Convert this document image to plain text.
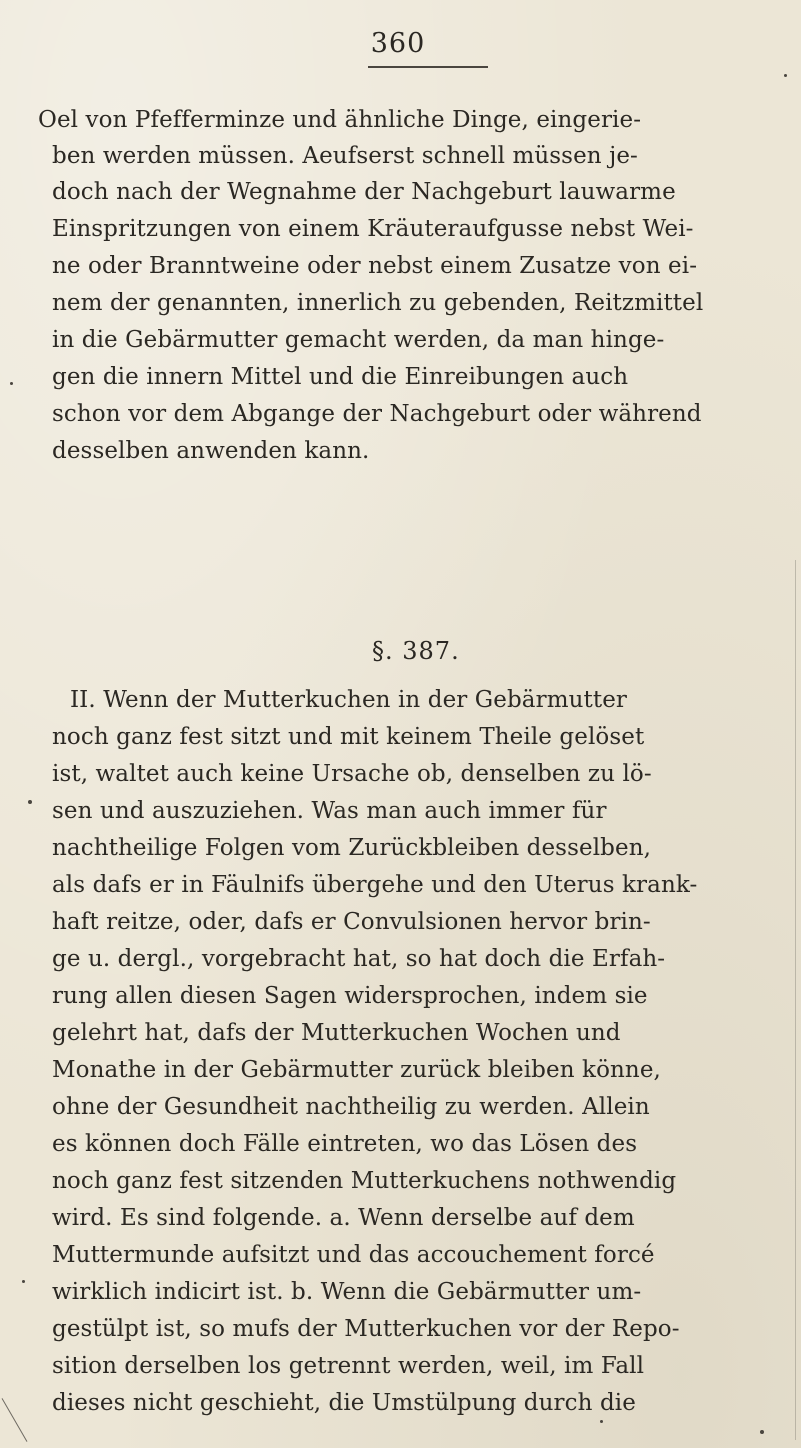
360
Oel von Pfefferminze und ähnliche Dinge, eingerie-
ben werden müssen. Aeufserst schnell müssen je-
doch nach der Wegnahme der Nachgeburt lauwarme
Einspritzungen von einem Kräuteraufgusse nebst Wei-
ne oder Branntweine oder nebst einem Zusatze von ei-
nem der genannten, innerlich zu gebenden, Reitzmittel
in die Gebärmutter gemacht werden, da man hinge-
gen die innern Mittel und die Einreibungen auch
schon vor dem Abgange der Nachgeburt oder während
desselben anwenden kann.
§. 387.
II. Wenn der Mutterkuchen in der Gebärmutter
noch ganz fest sitzt und mit keinem Theile gelöset
ist, waltet auch keine Ursache ob, denselben zu lö-
sen und auszuziehen. Was man auch immer für
nachtheilige Folgen vom Zurückbleiben desselben,
als dafs er in Fäulnifs übergehe und den Uterus krank-
haft reitze, oder, dafs er Convulsionen hervor brin-
ge u. dergl., vorgebracht hat, so hat doch die Erfah-
rung allen diesen Sagen widersprochen, indem sie
gelehrt hat, dafs der Mutterkuchen Wochen und
Monathe in der Gebärmutter zurück bleiben könne,
ohne der Gesundheit nachtheilig zu werden. Allein
es können doch Fälle eintreten, wo das Lösen des
noch ganz fest sitzenden Mutterkuchens nothwendig
wird. Es sind folgende. a. Wenn derselbe auf dem
Muttermunde aufsitzt und das accouchement forcé
wirklich indicirt ist. b. Wenn die Gebärmutter um-
gestülpt ist, so mufs der Mutterkuchen vor der Repo-
sition derselben los getrennt werden, weil, im Fall
dieses nicht geschieht, die Umstülpung durch die
